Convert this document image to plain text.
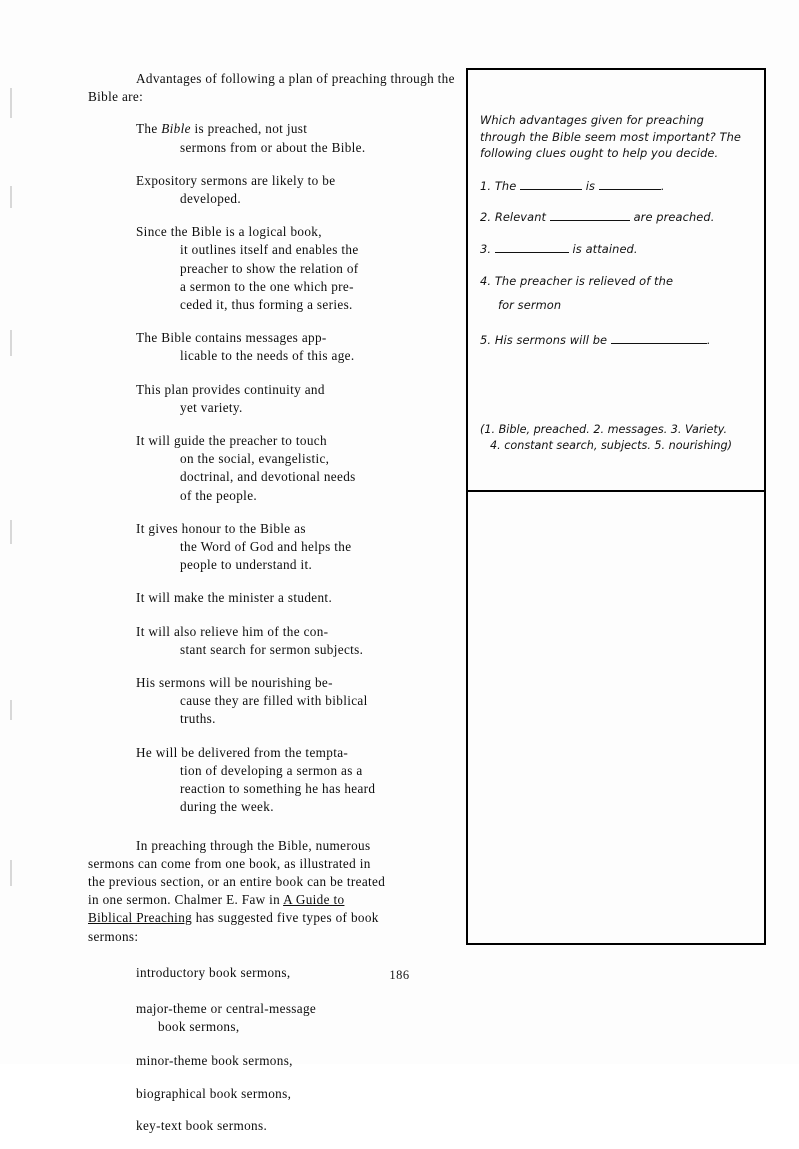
Advantages of following a plan of preaching through the Bible are:

The Bible is preached, not just
sermons from or about the Bible.
Expository sermons are likely to be
developed.
Since the Bible is a logical book,
it outlines itself and enables the
preacher to show the relation of
a sermon to the one which pre-
ceded it, thus forming a series.
The Bible contains messages app-
licable to the needs of this age.
This plan provides continuity and
yet variety.
It will guide the preacher to touch
on the social, evangelistic,
doctrinal, and devotional needs
of the people.
It gives honour to the Bible as
the Word of God and helps the
people to understand it.
It will make the minister a student.
It will also relieve him of the con-
stant search for sermon subjects.
His sermons will be nourishing be-
cause they are filled with biblical
truths.
He will be delivered from the tempta-
tion of developing a sermon as a
reaction to something he has heard
during the week.
In preaching through the Bible, numerous
sermons can come from one book, as illustrated in
the previous section, or an entire book can be treated
in one sermon. Chalmer E. Faw in A Guide to
Biblical Preaching has suggested five types of book
sermons:
introductory book sermons,
major-theme or central-message
book sermons,
minor-theme book sermons,
biographical book sermons,
key-text book sermons.
Which advantages given for preaching
through the Bible seem most important? The
following clues ought to help you decide.
1. The	is	.
2. Relevant	are preached.
3.	is attained.
4. The preacher is relieved of the
for sermon
5. His sermons will be	.
(1. Bible, preached. 2. messages. 3. Variety.
4. constant search, subjects. 5. nourishing)
186
